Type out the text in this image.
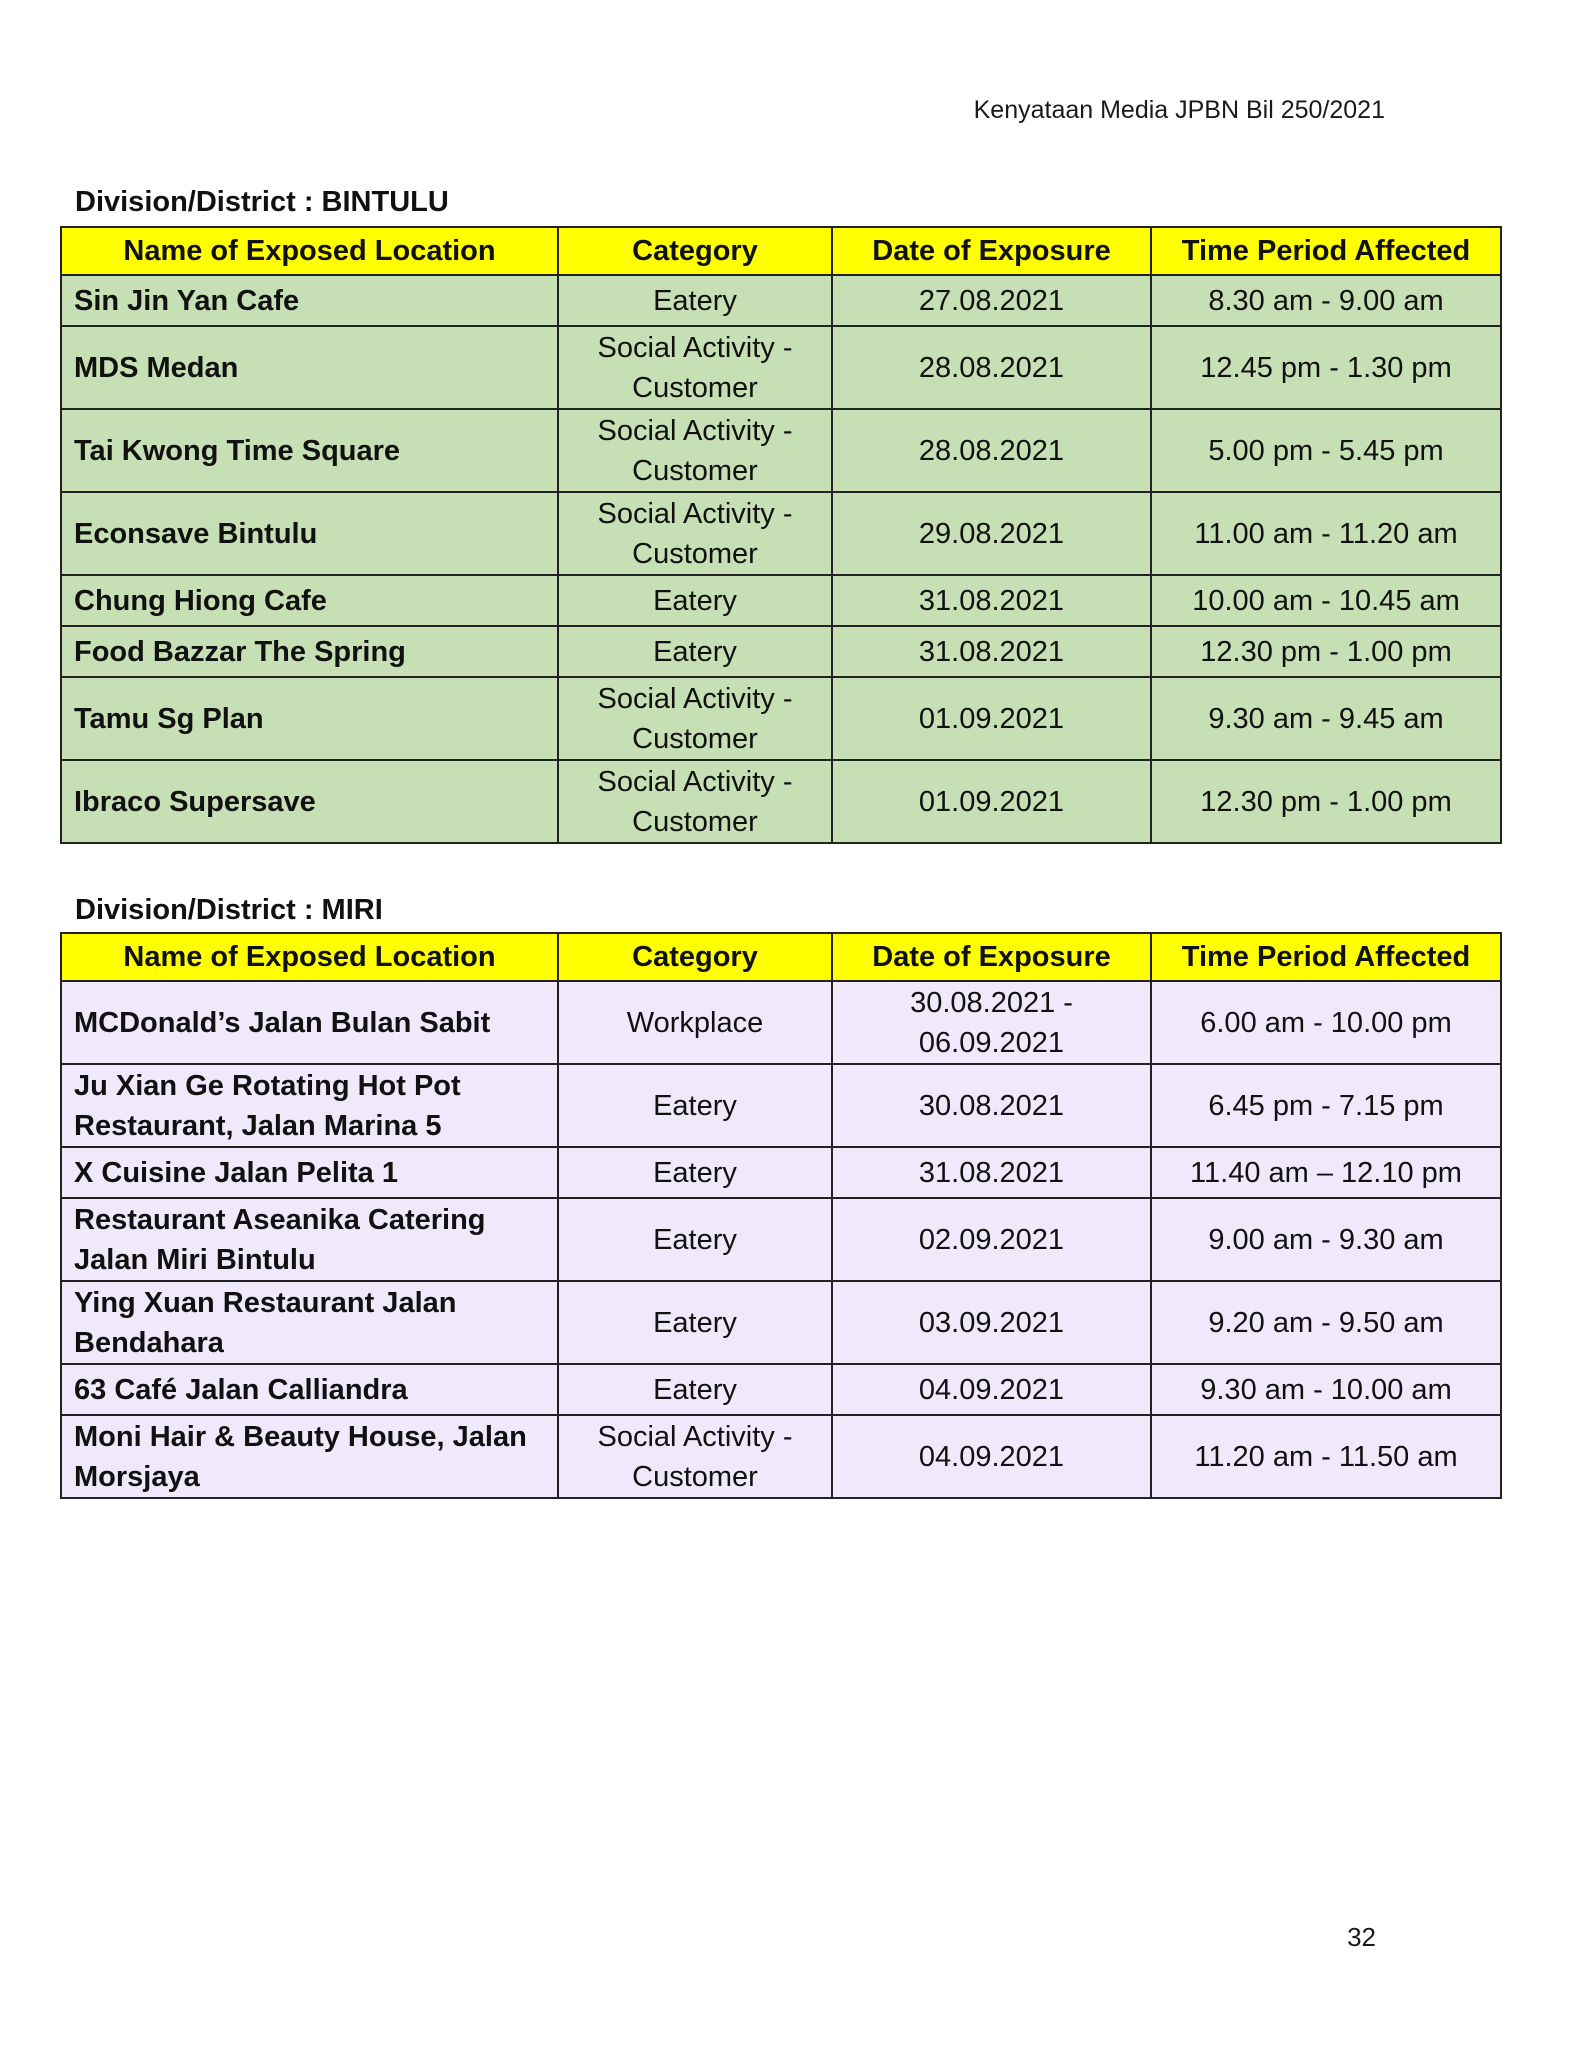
Kenyataan Media JPBN Bil 250/2021
Division/District : BINTULU
Name of Exposed Location	Category	Date of Exposure	Time Period Affected
Sin Jin Yan Cafe	Eatery	27.08.2021	8.30 am - 9.00 am
MDS Medan	Social Activity - Customer	28.08.2021	12.45 pm - 1.30 pm
Tai Kwong Time Square	Social Activity - Customer	28.08.2021	5.00 pm - 5.45 pm
Econsave Bintulu	Social Activity - Customer	29.08.2021	11.00 am - 11.20 am
Chung Hiong Cafe	Eatery	31.08.2021	10.00 am - 10.45 am
Food Bazzar The Spring	Eatery	31.08.2021	12.30 pm - 1.00 pm
Tamu Sg Plan	Social Activity - Customer	01.09.2021	9.30 am - 9.45 am
Ibraco Supersave	Social Activity - Customer	01.09.2021	12.30 pm - 1.00 pm
Division/District : MIRI
Name of Exposed Location	Category	Date of Exposure	Time Period Affected
MCDonald’s Jalan Bulan Sabit	Workplace	30.08.2021 - 06.09.2021	6.00 am - 10.00 pm
Ju Xian Ge Rotating Hot Pot Restaurant, Jalan Marina 5	Eatery	30.08.2021	6.45 pm - 7.15 pm
X Cuisine Jalan Pelita 1	Eatery	31.08.2021	11.40 am – 12.10 pm
Restaurant Aseanika Catering Jalan Miri Bintulu	Eatery	02.09.2021	9.00 am - 9.30 am
Ying Xuan Restaurant Jalan Bendahara	Eatery	03.09.2021	9.20 am - 9.50 am
63 Café Jalan Calliandra	Eatery	04.09.2021	9.30 am - 10.00 am
Moni Hair & Beauty House, Jalan Morsjaya	Social Activity - Customer	04.09.2021	11.20 am - 11.50 am
32
